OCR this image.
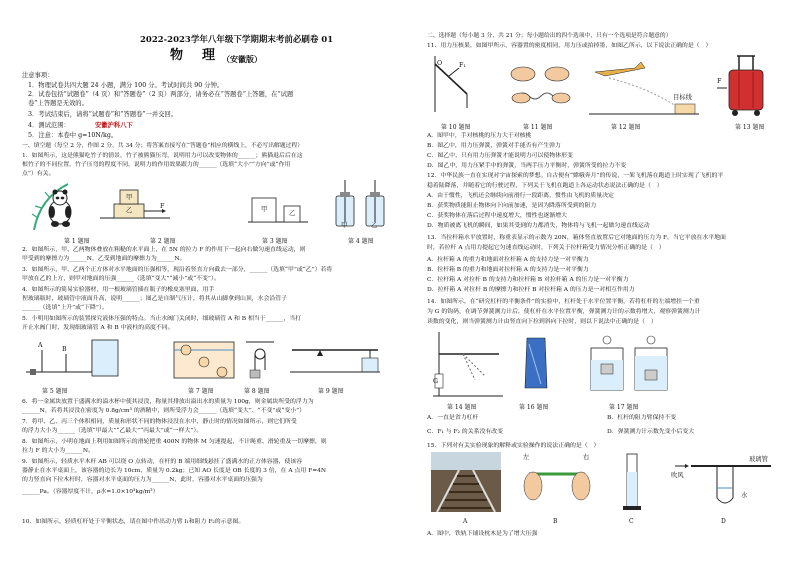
2022-2023学年八年级下学期期末考前必刷卷 01
物　理 （安徽版）
注意事项：
1．物理试卷共四大题 24 小题，满分 100 分。考试时间共 90 分钟。
2．试卷包括“试题卷”（4 页）和“答题卷”（2 页）两部分，请务必在“答题卷”上答题，在“试题
卷”上答题是无效的。
3．考试结束后，请将“试题卷”和“答题卷”一并交回。
4．测试范围：	安徽沪科八下
5．注意：本卷中 g=10N/kg。
一、填空题（每空 2 分，作图 2 分，共 34 分；将答案直接写在“答题卷”相应的横线上，不必写出解题过程）
1．如图所示，这是熊猫吃竹子的情景，竹子被熊猫压弯，说明用力可以改变物体的______；熊猫退后后在这
根竹子的不同位置，竹子压弯的程度不同，说明力的作用效果跟力的______（选填“大小”“方向”或“作用
点”）有关。
甲
乙
F	甲
乙
甲	乙
第 1 题图	第 2 题图	第 3 题图	第 4 题图
2．如图所示，甲、乙两物体叠放在粗糙的水平面上，在 5N 的拉力 F 的作用下一起向右做匀速直线运动，则
甲受到的摩擦力为______N，乙受到地面的摩擦力为______N。
3．如图所示，甲、乙两个正方体对水平地面的压强相等，现沿着竖直方向截去一部分，______（选填“甲”或“乙”）若将
甲放在乙的上方，则甲对地面的压强______（选填“变大”“减小”或“不变”）。
4．如图所示的简易实验器材，用一根玻璃管插在瓶子的橡皮塞里面，用手
捏玻璃瓶时，玻璃管中液面升高，说明______；图乙是自制气压计，将其从山脚拿到山顶，水会沿管子
______（选填“上升”或“下降”）。
5．小明用如图所示的装置探究液体压强的特点。当止水阀门关闭时，细玻璃管 A 和 B 相当于______，当打
开止水阀门时，发现细玻璃管 A 和 B 中液柱的高度不同。
A
B
第 5 题图	第 7 题图	第 8 题图	第 9 题图
6．将一金属块放置于盛满水的溢水杯中使其浸没，称量其排放出溢出水的质量为 100g，则金属块所受的浮力为
______N，若将其浸没在密度为 0.8g/cm³ 的酒精中，则所受浮力会______（选填“变大”、“不变”或“变小”）
7．将甲、乙、丙三个体积相同，质量和形状不同的物体浸没在水中，静止时的情况如图所示，则它们所受
的浮力大小为______（选填“甲最大”“乙最大”“丙最大”或“一样大”）。
8．如图所示，小明在地面上利用如图所示的滑轮把重 400N 的物体 M 匀速提起，不计绳重、滑轮重及一切摩擦，则
拉力 F 的大小为______N。
9．如图所示，轻质水平木杆 AB 可以绕 O 点转动，在杆的 B 端用细线悬挂了盛满水的正方体容器，使该容
器静止在水平桌面上，该容器的边长为 10cm，质量为 0.2kg；已知 AO 长度是 OB 长度的 3 倍，在 A 点用 F=4N
的力竖直向下拉木杆时，容器对水平桌面的压力为______N，此时，容器对水平桌面的压强为
______Pa。（容器厚度不计，ρ水=1.0×10³kg/m³）
10．如图所示，轻质杠杆处于平衡状态，请在图中作出动力臂 l₁和阻力 F₂的示意图。
二、选择题（每小题 3 分，共 21 分；每小题给出的四个选项中，只有一个选项是符合题意的）
11．用力压核果，如图甲所示，容器置的密度相同，用力压或拍掉墨，如图乙所示，以下说法正确的是（　）
O	F₁
目标线
F
第 10 题图	第 11 题图	第 12 题图	第 13 题图
A．图甲中，手对核桃的压力大于对核桃
B．图乙中，用力压弹簧，弹簧对手能否有产生弹力
C．图乙中，只有用力压弹簧才能说明力可以使物体形变
D．图乙中，用力压紧手中的弹簧，当两手压力平衡时，弹簧所受的拉力不变
12．中华民族一直在实现对宇宙探索的梦想。自古便有“嫦娥奔月”的传说，一架飞机落在跑道上时实现了飞机的平
稳着陆降落，并随着它的行驶过程，下列关于飞机在跑道上各运动状态说法正确的是（　）
A．由于惯性，飞机还会继续向前滑行一段距离，惯性由飞机的质量决定
B．获奖物质能阻止物体向下向前加速，是因为降落所受到的阻力
C．获奖物体在落后过程中速度增大，惯性也逐渐增大
D．物质被离飞机的瞬间，如果其受到的力都消失，物体将与飞机一起做匀速直线运动
13．当拉杆箱水平放置时，称重表显示的示数为 20N，箱体竖直放置后它对地面的压力为 F，当它平放在水平地面
时，若拉杆 A 点用力提起它匀速直线运动时，下列关于拉杆箱受力情况分析正确的是（　）
A．拉杆箱 A 的重力和地面对拉杆箱 A 的支持力是一对平衡力
B．拉杆箱 B 的重力和地面对拉杆箱 A 的支持力是一对平衡力
C．拉杆箱 A 对拉杆 B 的支持力和拉杆箱 B 对拉杆箱 A 的压力是一对平衡力
D．拉杆箱 A 对拉杆 B 的摩擦力和拉杆 B 对拉杆箱 A 的压力是一对相互作用力
14．如图所示，在“研究杠杆的平衡条件”的实验中，杠杆处于水平位置平衡，若将杠杆的左端增挂一个重
为 G 的钩码，在调节弹簧测力计后，使杠杆在水平位置平衡，弹簧测力计的示数将增大，观察弹簧测力计
读数的变化，则当弹簧测力计由竖直向下拉到斜向下拉时，则以下说法中正确的是（　）
G
第 14 题图	第 16 题图	第 17 题图
A．一直是省力杠杆	B．杠杆的阻力臂保持不变
C．F₁ 与 F₂ 的关系没有改变	D．弹簧测力计示数先变小后变大
15．下列对有关实验现象的解释或实验操作的说法正确的是（　）
左	右	玻璃管
吹风
水
A	B	C	D
A．图中，铁轨下铺设枕木是为了增大压强
